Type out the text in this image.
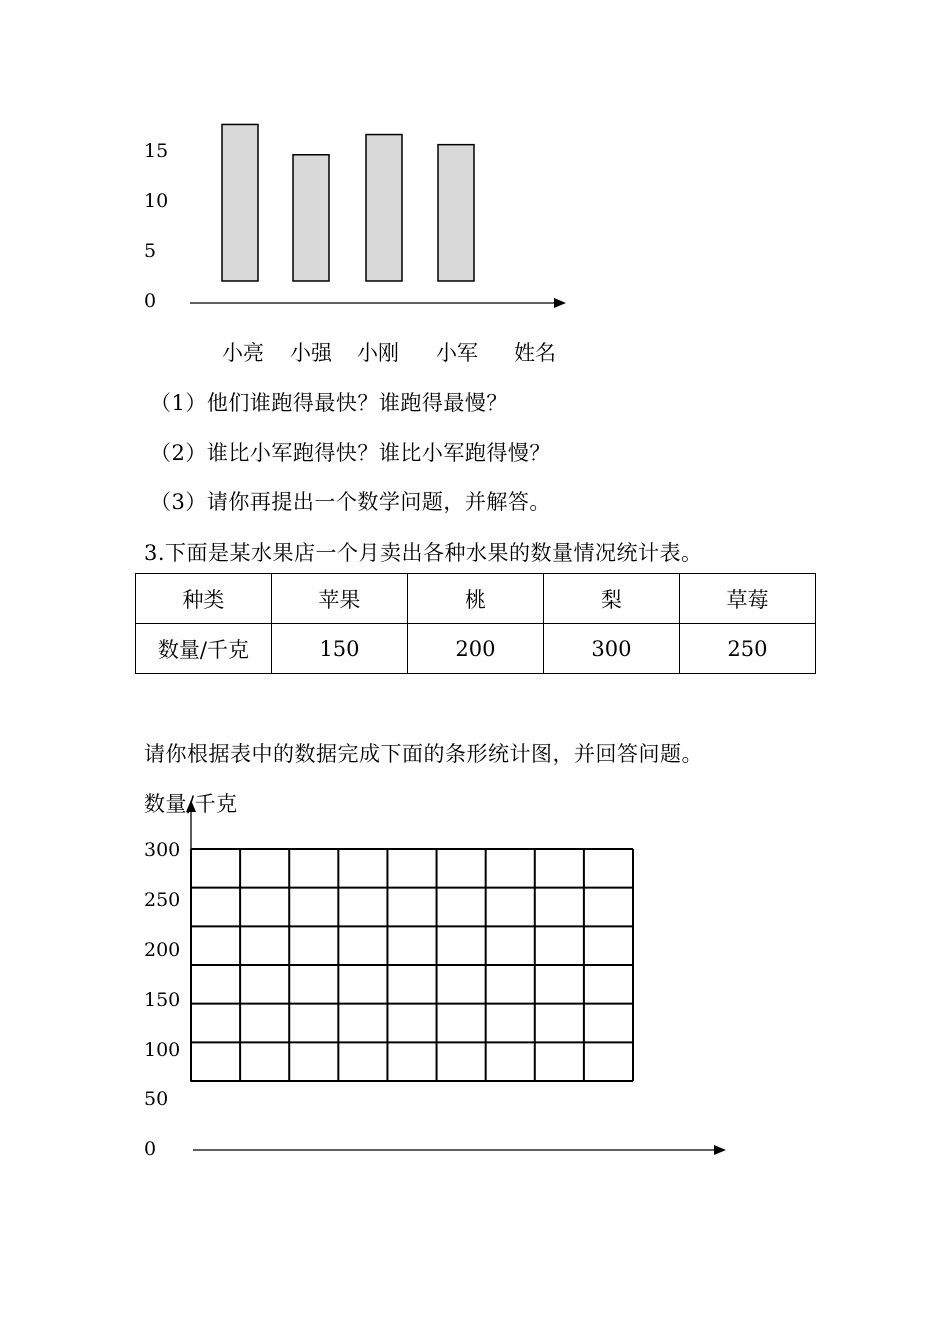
15
10
5
0
小亮 小强 小刚 小军 姓名
（1）他们谁跑得最快？谁跑得最慢？
（2）谁比小军跑得快？谁比小军跑得慢？
（3）请你再提出一个数学问题，并解答。
3.下面是某水果店一个月卖出各种水果的数量情况统计表。
种类	苹果	桃	梨	草莓
数量/千克	150	200	300	250
请你根据表中的数据完成下面的条形统计图，并回答问题。
数量/千克
300
250
200
150
100
50
0
